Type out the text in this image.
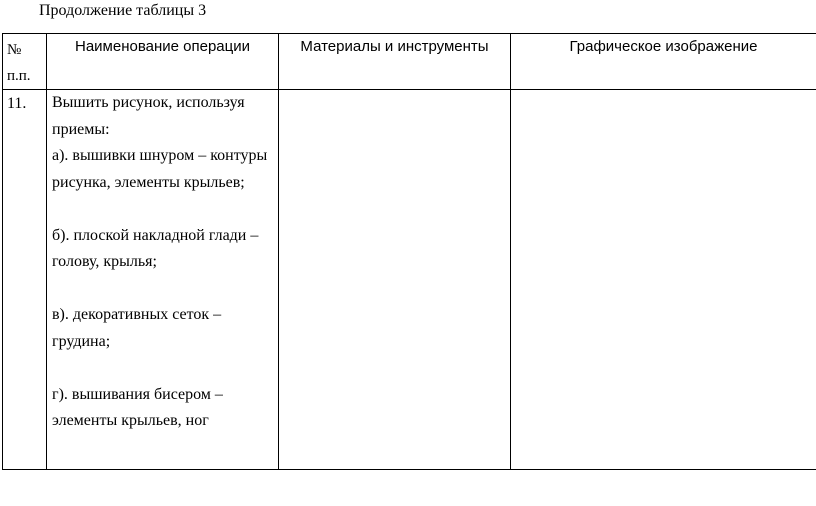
Продолжение таблицы 3
№
п.п.	Наименование операции	Материалы и инструменты	Графическое изображение
11.	Вышить рисунок, используя приемы:

а). вышивки шнуром – контуры рисунка, элементы крыльев;

б). плоской накладной глади – голову, крылья;

в). декоративных сеток – грудина;

г). вышивания бисером – элементы крыльев, ног		
